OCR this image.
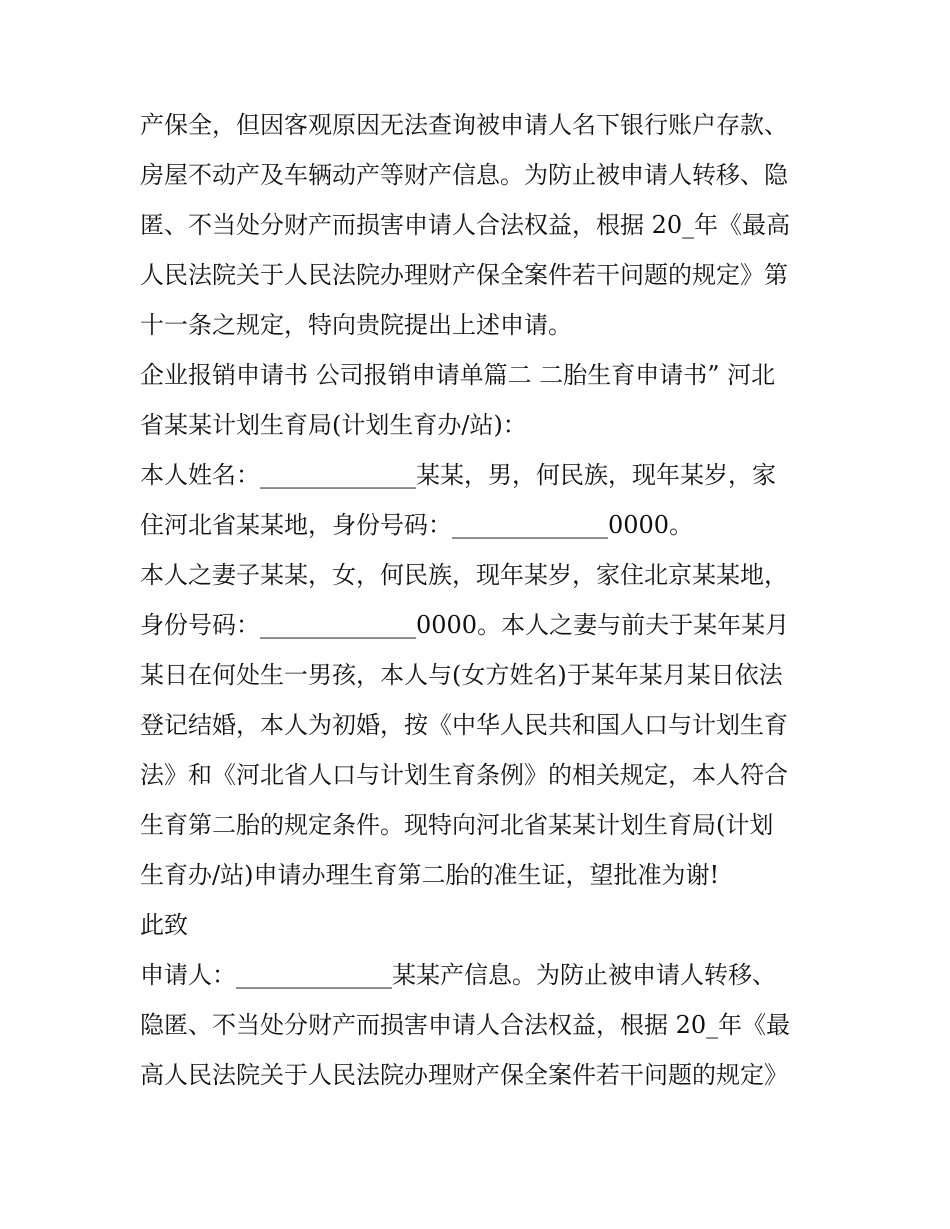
产保全，但因客观原因无法查询被申请人名下银行账户存款、
房屋不动产及车辆动产等财产信息。为防止被申请人转移、隐
匿、不当处分财产而损害申请人合法权益，根据 20_年《最高
人民法院关于人民法院办理财产保全案件若干问题的规定》第
十一条之规定，特向贵院提出上述申请。
企业报销申请书 公司报销申请单篇二 二胎生育申请书” 河北
省某某计划生育局(计划生育办/站)：
本人姓名：_____________某某，男，何民族，现年某岁，家
住河北省某某地，身份号码：_____________0000。
本人之妻子某某，女，何民族，现年某岁，家住北京某某地，
身份号码：_____________0000。本人之妻与前夫于某年某月
某日在何处生一男孩，本人与(女方姓名)于某年某月某日依法
登记结婚，本人为初婚，按《中华人民共和国人口与计划生育
法》和《河北省人口与计划生育条例》的相关规定，本人符合
生育第二胎的规定条件。现特向河北省某某计划生育局(计划
生育办/站)申请办理生育第二胎的准生证，望批准为谢!
此致
申请人：_____________某某产信息。为防止被申请人转移、
隐匿、不当处分财产而损害申请人合法权益，根据 20_年《最
高人民法院关于人民法院办理财产保全案件若干问题的规定》
